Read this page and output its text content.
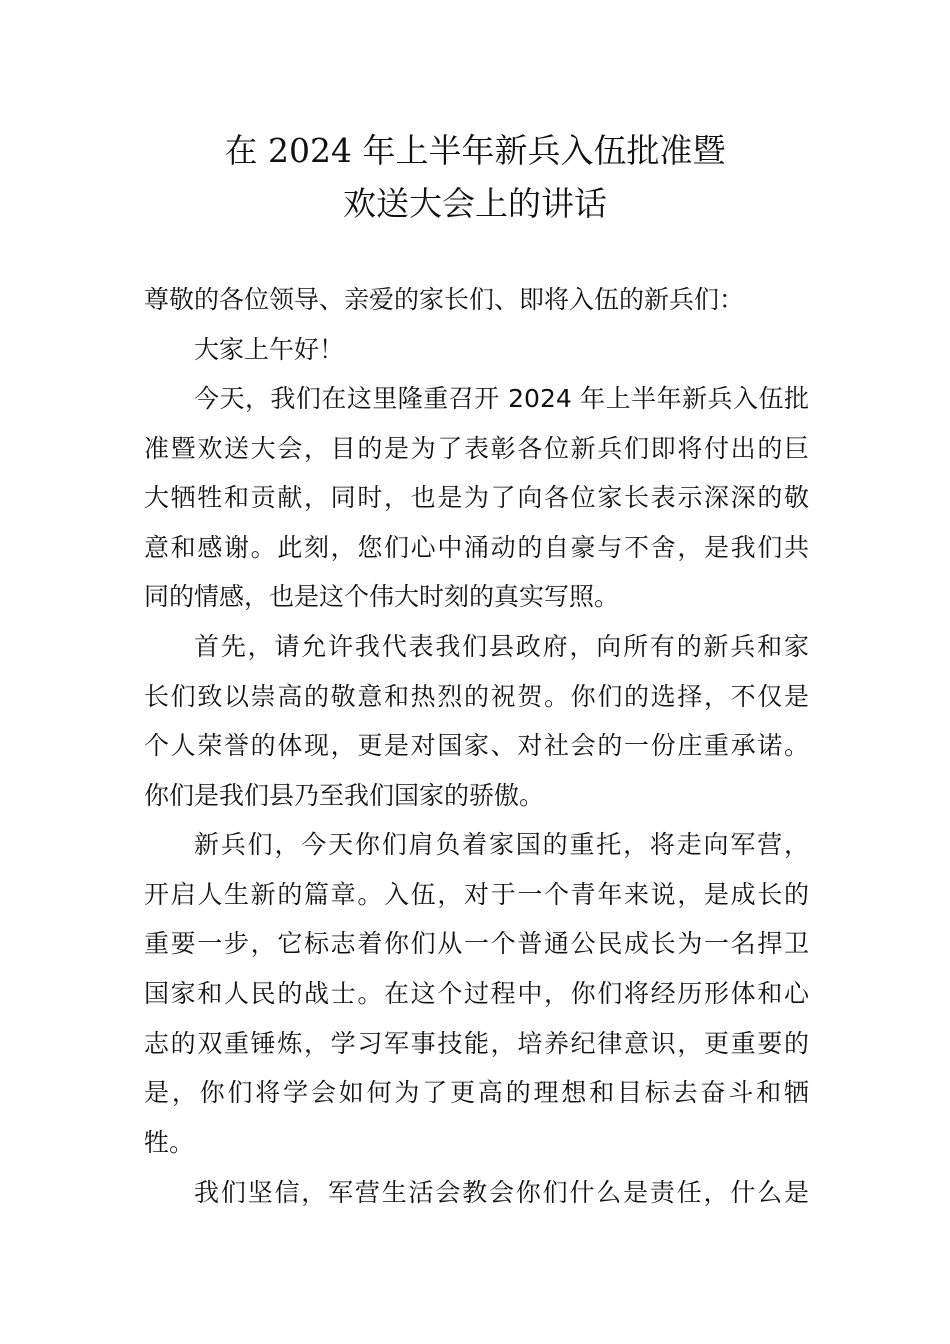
在 2024 年上半年新兵入伍批准暨
欢送大会上的讲话
尊敬的各位领导、亲爱的家长们、即将入伍的新兵们：
大家上午好！
今天，我们在这里隆重召开 2024 年上半年新兵入伍批
准暨欢送大会，目的是为了表彰各位新兵们即将付出的巨
大牺牲和贡献，同时，也是为了向各位家长表示深深的敬
意和感谢。此刻，您们心中涌动的自豪与不舍，是我们共
同的情感，也是这个伟大时刻的真实写照。
首先，请允许我代表我们县政府，向所有的新兵和家
长们致以崇高的敬意和热烈的祝贺。你们的选择，不仅是
个人荣誉的体现，更是对国家、对社会的一份庄重承诺。
你们是我们县乃至我们国家的骄傲。
新兵们，今天你们肩负着家国的重托，将走向军营，
开启人生新的篇章。入伍，对于一个青年来说，是成长的
重要一步，它标志着你们从一个普通公民成长为一名捍卫
国家和人民的战士。在这个过程中，你们将经历形体和心
志的双重锤炼，学习军事技能，培养纪律意识，更重要的
是，你们将学会如何为了更高的理想和目标去奋斗和牺
牲。
我们坚信，军营生活会教会你们什么是责任，什么是
